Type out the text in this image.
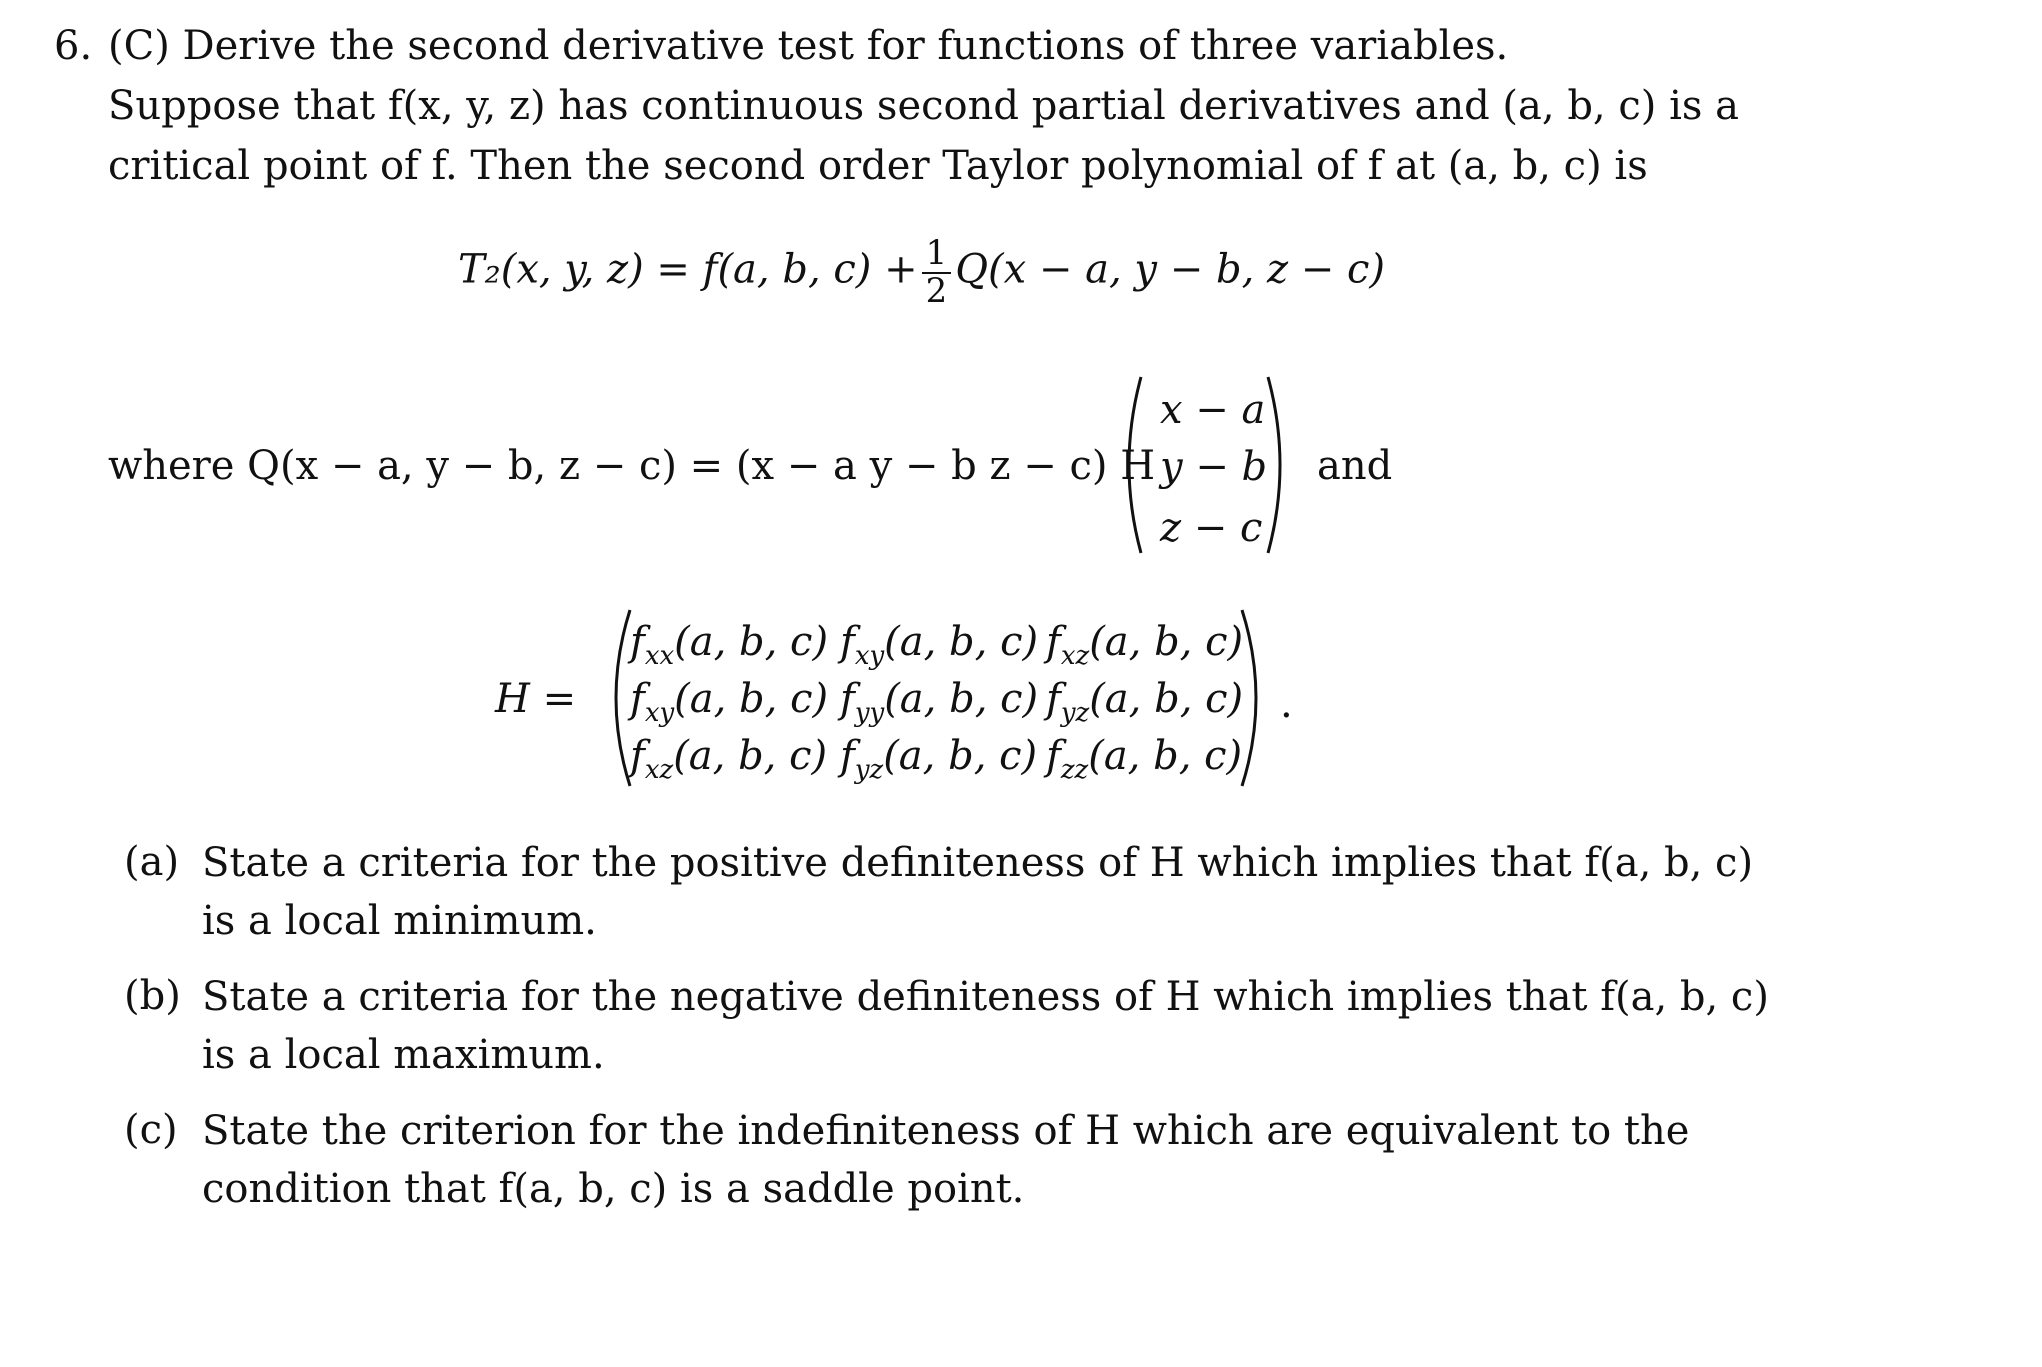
6. (C) Derive the second derivative test for functions of three variables.
Suppose that f(x, y, z) has continuous second partial derivatives and (a, b, c) is a
critical point of f. Then the second order Taylor polynomial of f at (a, b, c) is
T₂(x, y, z) = f(a, b, $c) + \frac{1}{2} Q(x - a$, y − b, z − c)
where Q(x − a, y − b, z − c) = (x − a y − b z − c) H
x − a
y − b
z − c
and
H =	.
$f_{xx}(a$, b, c) $f_{xy}(a$, b, c) $f_{xz}(a$, b, c)
$f_{xy}(a$, b, c) $f_{yy}(a$, b, c) $f_{yz}(a$, b, c)
$f_{xz}(a$, b, c) $f_{yz}(a$, b, c) $f_{zz}(a$, b, c)
(a) State a criteria for the positive definiteness of H which implies that f(a, b, c) is a local minimum.
(b) State a criteria for the negative definiteness of H which implies that f(a, b, c) is a local maximum.
(c) State the criterion for the indefiniteness of H which are equivalent to the condition that f(a, b, c) is a saddle point.
